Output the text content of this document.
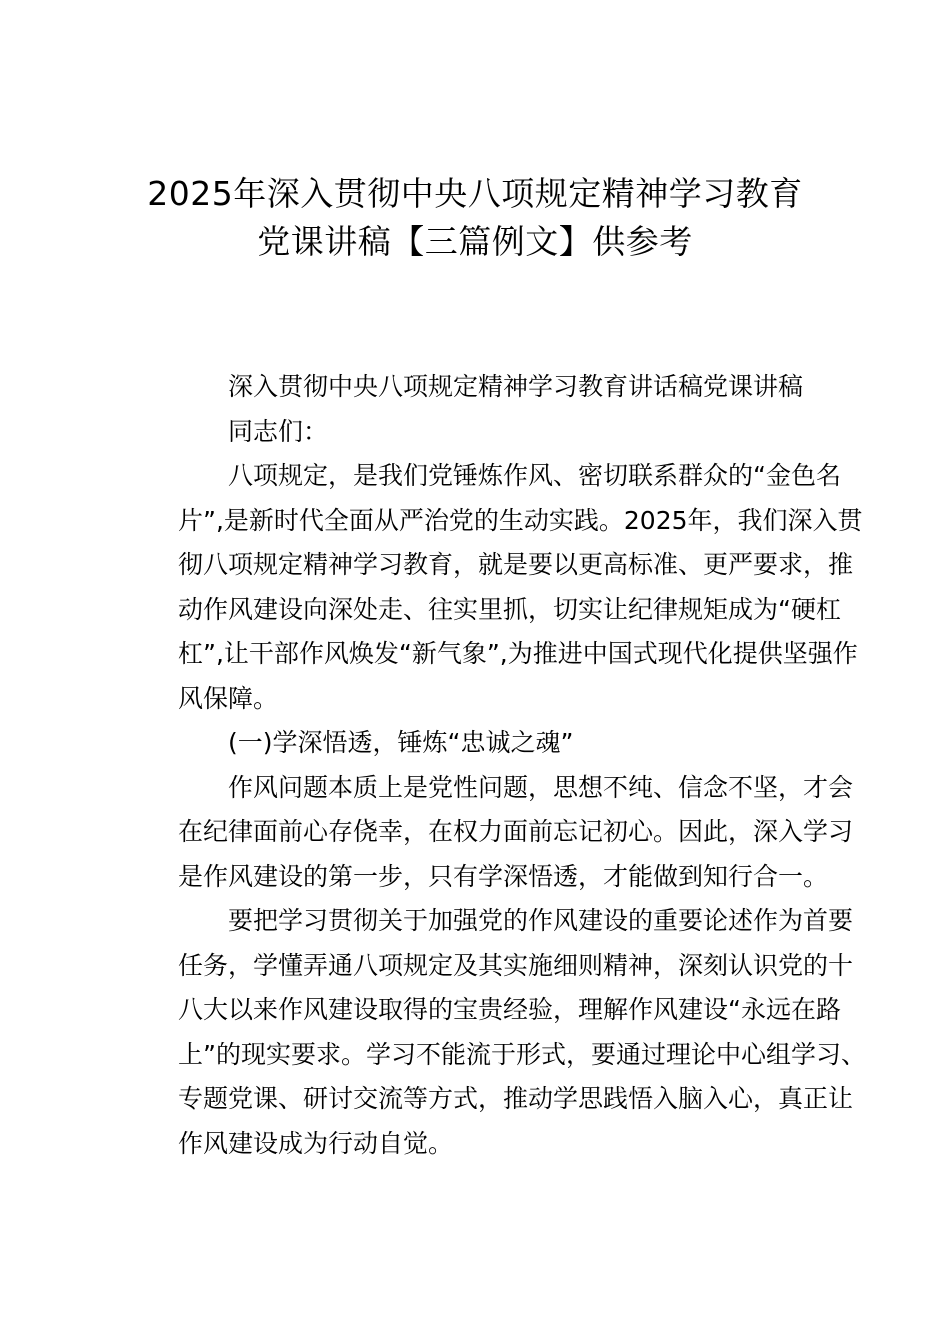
2025年深入贯彻中央八项规定精神学习教育
党课讲稿【三篇例文】供参考
深入贯彻中央八项规定精神学习教育讲话稿党课讲稿
同志们：
八项规定，是我们党锤炼作风、密切联系群众的“金色名
片”,是新时代全面从严治党的生动实践。2025年，我们深入贯
彻八项规定精神学习教育，就是要以更高标准、更严要求，推
动作风建设向深处走、往实里抓，切实让纪律规矩成为“硬杠
杠”,让干部作风焕发“新气象”,为推进中国式现代化提供坚强作
风保障。
(一)学深悟透，锤炼“忠诚之魂”
作风问题本质上是党性问题，思想不纯、信念不坚，才会
在纪律面前心存侥幸，在权力面前忘记初心。因此，深入学习
是作风建设的第一步，只有学深悟透，才能做到知行合一。
要把学习贯彻关于加强党的作风建设的重要论述作为首要
任务，学懂弄通八项规定及其实施细则精神，深刻认识党的十
八大以来作风建设取得的宝贵经验，理解作风建设“永远在路
上”的现实要求。学习不能流于形式，要通过理论中心组学习、
专题党课、研讨交流等方式，推动学思践悟入脑入心，真正让
作风建设成为行动自觉。
